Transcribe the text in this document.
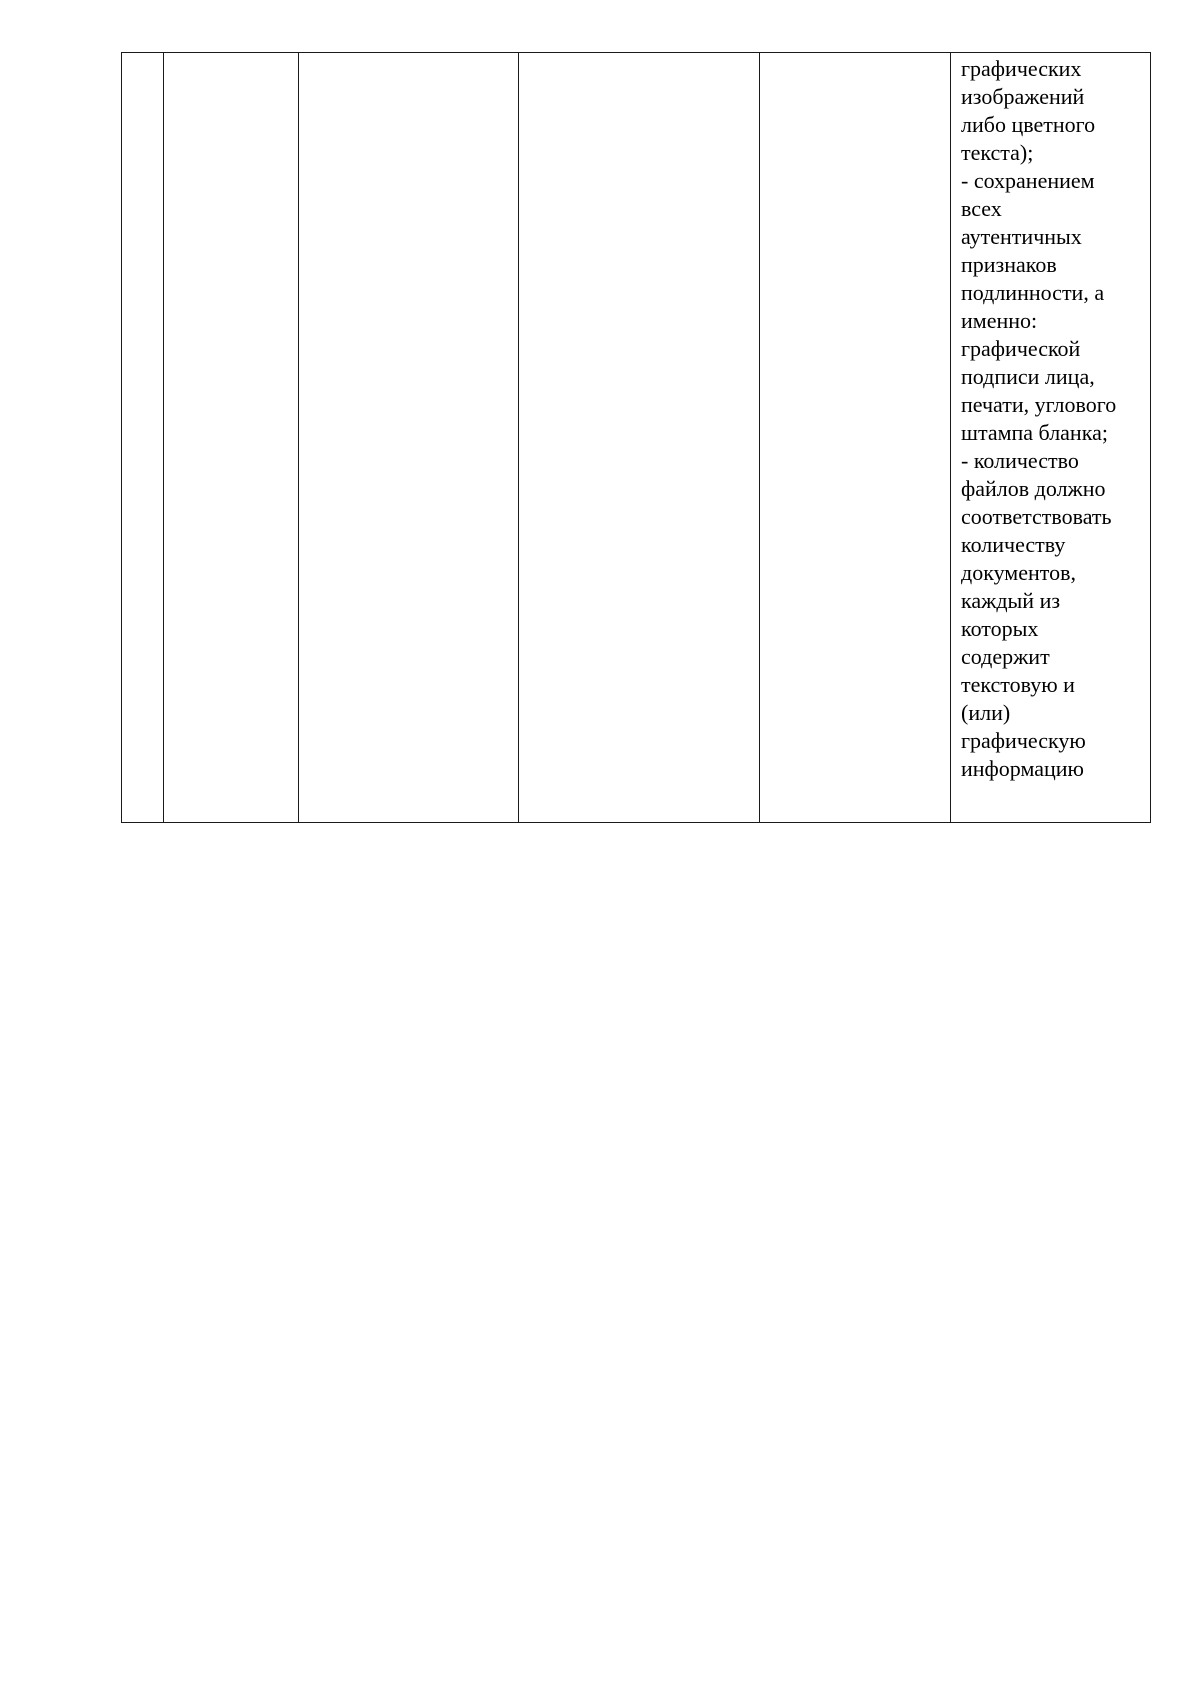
графических
изображений
либо цветного
текста);
- сохранением
всех
аутентичных
признаков
подлинности, а
именно:
графической
подписи лица,
печати, углового
штампа бланка;
- количество
файлов должно
соответствовать
количеству
документов,
каждый из
которых
содержит
текстовую и
(или)
графическую
информацию
